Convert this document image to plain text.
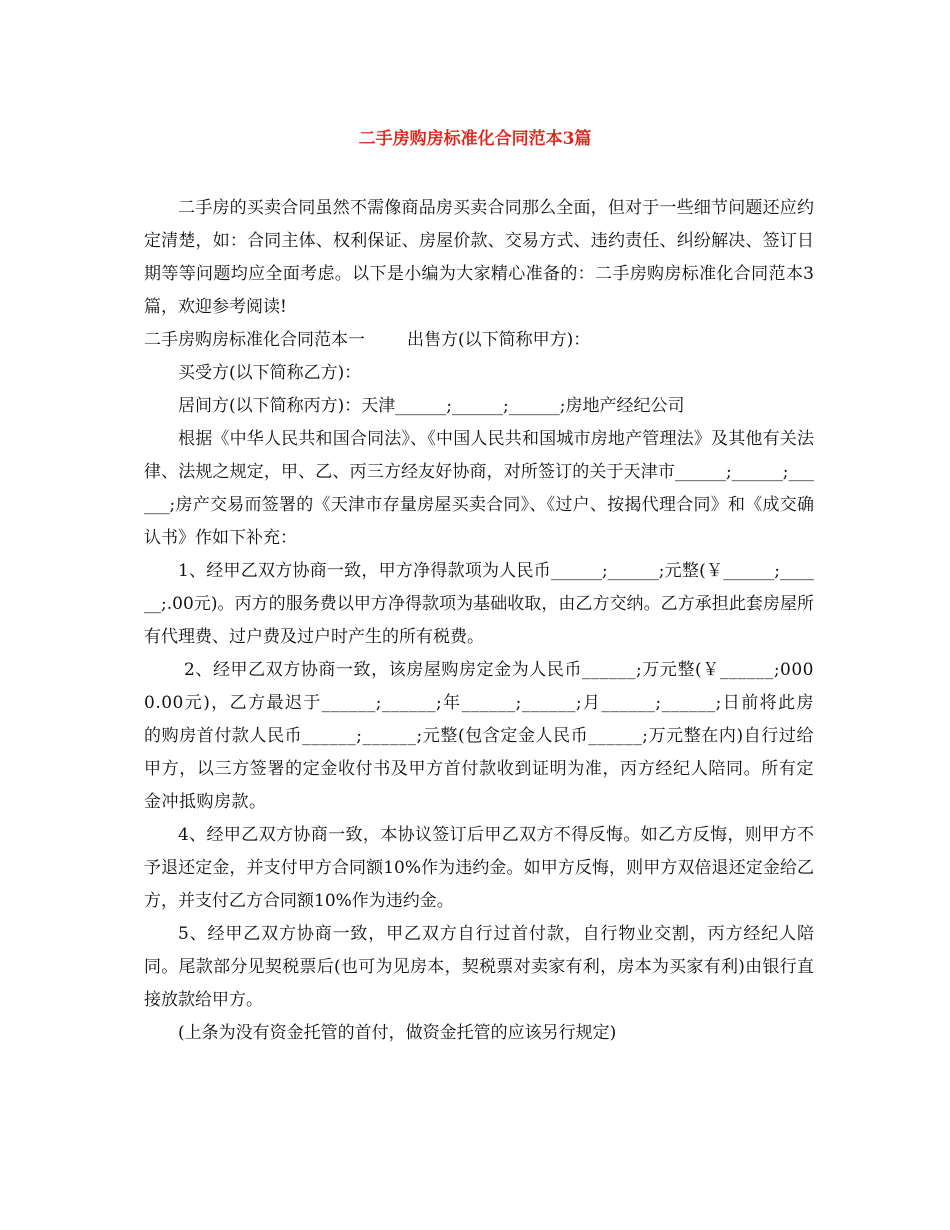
二手房购房标准化合同范本3篇

二手房的买卖合同虽然不需像商品房买卖合同那么全面，但对于一些细节问题还应约定清楚，如：合同主体、权利保证、房屋价款、交易方式、违约责任、纠纷解决、签订日期等等问题均应全面考虑。以下是小编为大家精心准备的：二手房购房标准化合同范本3篇，欢迎参考阅读!

二手房购房标准化合同范本一 出售方(以下简称甲方)：

买受方(以下简称乙方)：

居间方(以下简称丙方)：天津______;______;______;房地产经纪公司

根据《中华人民共和国合同法》、《中国人民共和国城市房地产管理法》及其他有关法律、法规之规定，甲、乙、丙三方经友好协商，对所签订的关于天津市______;______;______;房产交易而签署的《天津市存量房屋买卖合同》、《过户、按揭代理合同》和《成交确认书》作如下补充：

1、经甲乙双方协商一致，甲方净得款项为人民币______;______;元整(￥______;______;.00元)。丙方的服务费以甲方净得款项为基础收取，由乙方交纳。乙方承担此套房屋所有代理费、过户费及过户时产生的所有税费。

2、经甲乙双方协商一致，该房屋购房定金为人民币______;万元整(￥______;0000.00元)，乙方最迟于______;______;年______;______;月______;______;日前将此房的购房首付款人民币______;______;元整(包含定金人民币______;万元整在内)自行过给甲方，以三方签署的定金收付书及甲方首付款收到证明为准，丙方经纪人陪同。所有定金冲抵购房款。

4、经甲乙双方协商一致，本协议签订后甲乙双方不得反悔。如乙方反悔，则甲方不予退还定金，并支付甲方合同额10%作为违约金。如甲方反悔，则甲方双倍退还定金给乙方，并支付乙方合同额10%作为违约金。

5、经甲乙双方协商一致，甲乙双方自行过首付款，自行物业交割，丙方经纪人陪同。尾款部分见契税票后(也可为见房本，契税票对卖家有利，房本为买家有利)由银行直接放款给甲方。

(上条为没有资金托管的首付，做资金托管的应该另行规定)
